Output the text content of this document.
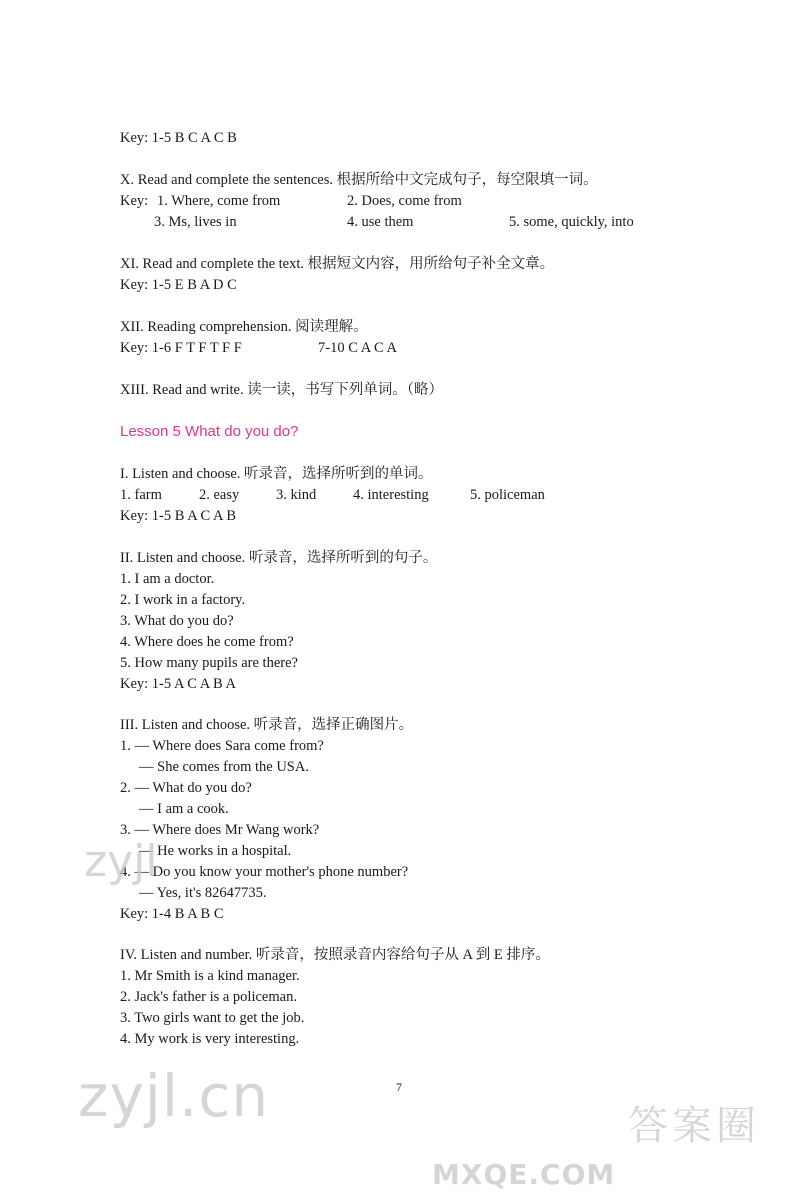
Key: 1-5 B C A C B
X. Read and complete the sentences. 根据所给中文完成句子，每空限填一词。
Key: 1. Where, come from	2. Does, come from
3. Ms, lives in	4. use them	5. some, quickly, into
XI. Read and complete the text. 根据短文内容，用所给句子补全文章。
Key: 1-5 E B A D C
XII. Reading comprehension. 阅读理解。
Key: 1-6 F T F T F F	7-10 C A C A
XIII. Read and write. 读一读，书写下列单词。（略）
Lesson 5 What do you do?
I. Listen and choose. 听录音，选择所听到的单词。
1. farm	2. easy	3. kind	4. interesting	5. policeman
Key: 1-5 B A C A B
II. Listen and choose. 听录音，选择所听到的句子。
1. I am a doctor.
2. I work in a factory.
3. What do you do?
4. Where does he come from?
5. How many pupils are there?
Key: 1-5 A C A B A
III. Listen and choose. 听录音，选择正确图片。
1. — Where does Sara come from?
— She comes from the USA.
2. — What do you do?
— I am a cook.
3. — Where does Mr Wang work?
— He works in a hospital.
4. — Do you know your mother's phone number?
— Yes, it's 82647735.
Key: 1-4 B A B C
IV. Listen and number. 听录音，按照录音内容给句子从 A 到 E 排序。
1. Mr Smith is a kind manager.
2. Jack's father is a policeman.
3. Two girls want to get the job.
4. My work is very interesting.
7
zyjl
zyjl.cn	答案圈
MXQE.COM
